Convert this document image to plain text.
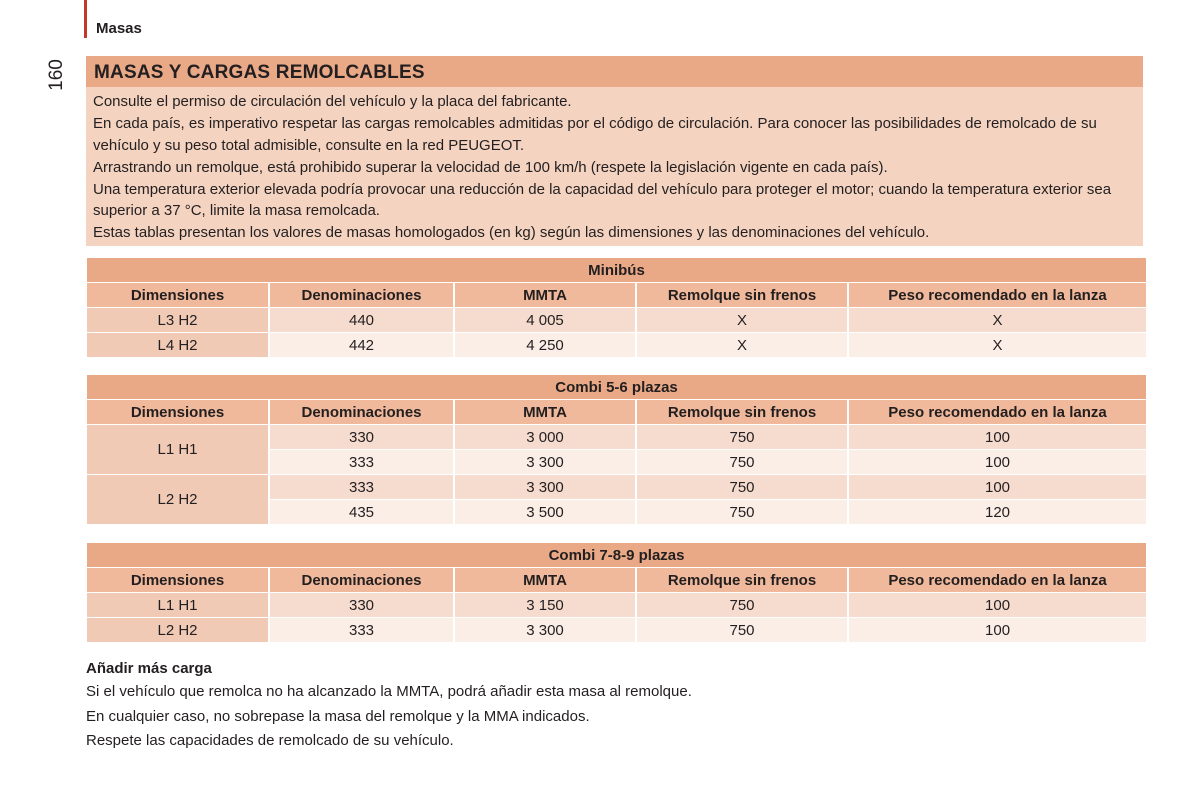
Masas
160	MASAS Y CARGAS REMOLCABLES

Consulte el permiso de circulación del vehículo y la placa del fabricante.

En cada país, es imperativo respetar las cargas remolcables admitidas por el código de circulación. Para conocer las posibilidades de remolcado de su vehículo y su peso total admisible, consulte en la red PEUGEOT.

Arrastrando un remolque, está prohibido superar la velocidad de 100 km/h (respete la legislación vigente en cada país).

Una temperatura exterior elevada podría provocar una reducción de la capacidad del vehículo para proteger el motor; cuando la temperatura exterior sea superior a 37 °C, limite la masa remolcada.

Estas tablas presentan los valores de masas homologados (en kg) según las dimensiones y las denominaciones del vehículo.

Minibús				
Dimensiones	Denominaciones	MMTA	Remolque sin frenos	Peso recomendado en la lanza
L3 H2	440	4 005	X	X
L4 H2	442	4 250	X	X
Combi 5-6 plazas				
Dimensiones	Denominaciones	MMTA	Remolque sin frenos	Peso recomendado en la lanza
L1 H1	330	3 000	750	100
	333	3 300	750	100
L2 H2	333	3 300	750	100
	435	3 500	750	120
Combi 7-8-9 plazas				
Dimensiones	Denominaciones	MMTA	Remolque sin frenos	Peso recomendado en la lanza
L1 H1	330	3 150	750	100
L2 H2	333	3 300	750	100
Añadir más carga

Si el vehículo que remolca no ha alcanzado la MMTA, podrá añadir esta masa al remolque.

En cualquier caso, no sobrepase la masa del remolque y la MMA indicados.

Respete las capacidades de remolcado de su vehículo.
